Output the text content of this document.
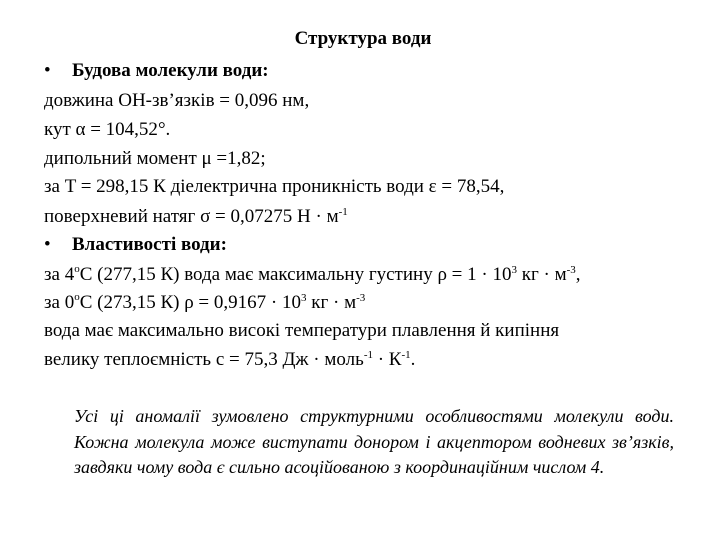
Структура води
• Будова молекули води:
довжина ОН-зв’язків = 0,096 нм,
кут α = 104,52°.
дипольний момент μ =1,82;
за T = 298,15 К діелектрична проникність води ε = 78,54,
поверхневий натяг σ = 0,07275 $Н \cdot м^{-1}$
• Властивості води:
за 4$^o$С (277,15 К) вода має максимальну густину $\rho = 1 \cdot 10^3$ кг · $м^{-3}$,
за 0$^o$С (273,15 К) $\rho = 0,9167 \cdot 10^3$ кг · $м^{-3}$
вода має максимально високі температури плавлення й кипіння
велику теплоємність c = 75,3 Дж · моль$^{-1}$ · $К^{-1}$.
Усі ці аномалії зумовлено структурними особливостями молекули води. Кожна молекула може виступати донором і акцептором водневих зв’язків, завдяки чому вода є сильно асоційованою з координаційним числом 4.
